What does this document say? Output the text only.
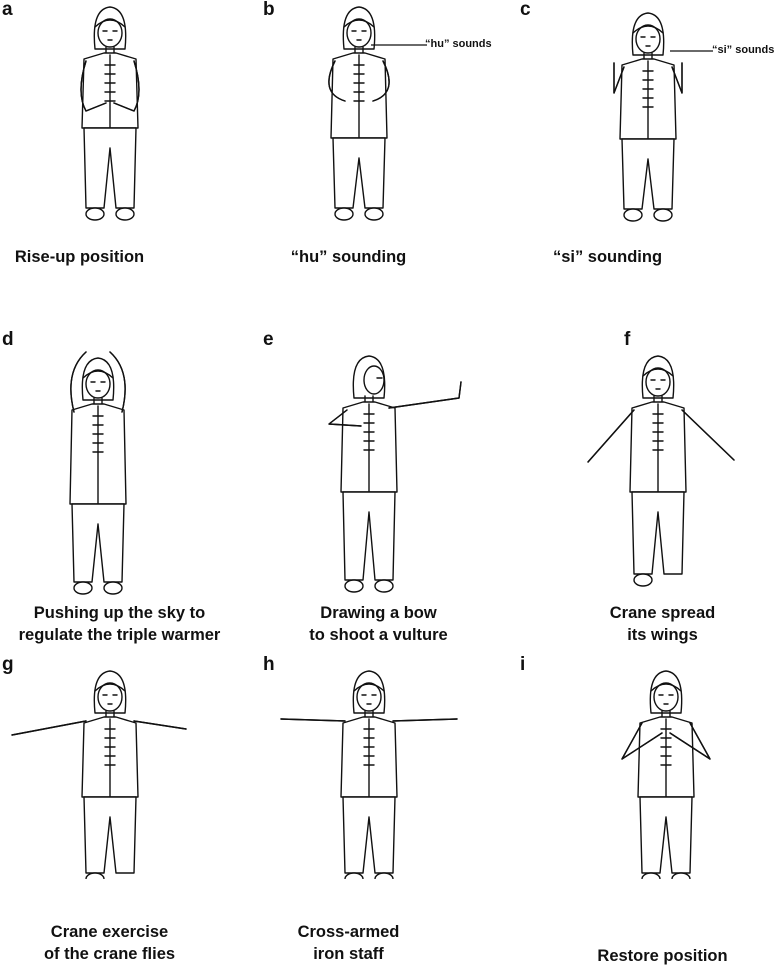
a
Rise-up position
b
“hu” sounds
“hu” sounding
c
“si” sounds
“si” sounding
d
Pushing up the sky to
regulate the triple warmer
e
Drawing a bow
to shoot a vulture
f
Crane spread
its wings
g
Crane exercise
of the crane flies
h
Cross-armed
iron staff
i
Restore position
